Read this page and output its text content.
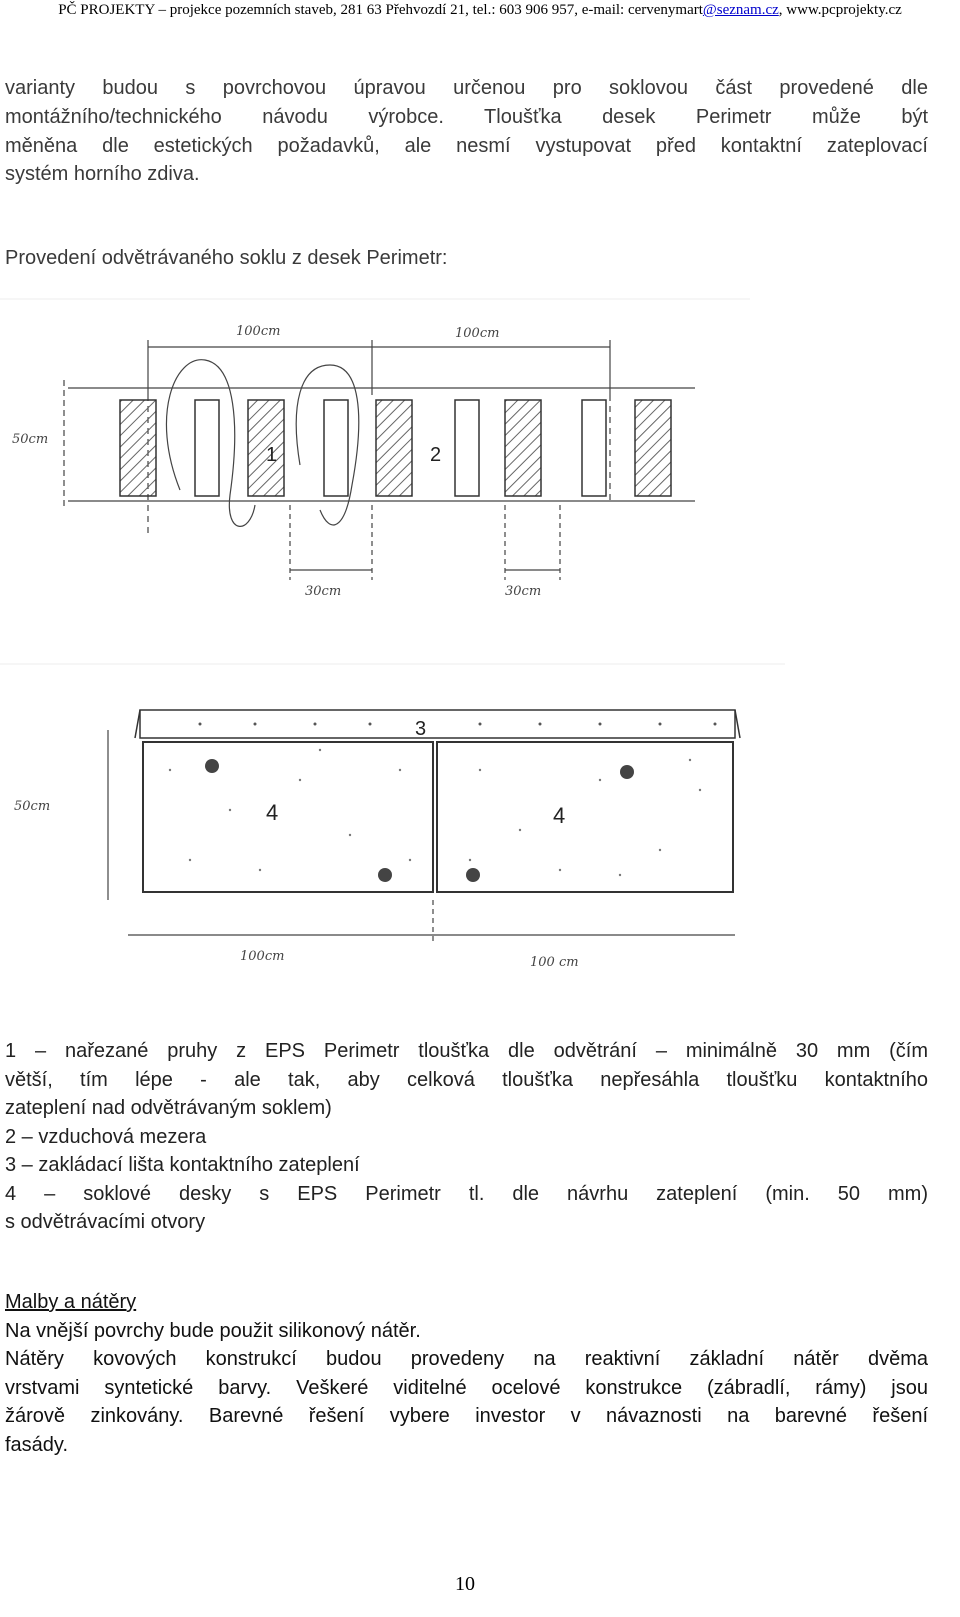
PČ PROJEKTY – projekce pozemních staveb, 281 63 Přehvozdí 21, tel.: 603 906 957, e-mail: cervenymart@seznam.cz, www.pcprojekty.cz
varianty budou s povrchovou úpravou určenou pro soklovou část provedené dle
montážního/technického návodu výrobce. Tloušťka desek Perimetr může být
měněna dle estetických požadavků, ale nesmí vystupovat před kontaktní zateplovací
systém horního zdiva.
Provedení odvětrávaného soklu z desek Perimetr:
100cm	100cm
50cm
30cm	30cm
1	2
3
4	4
50cm
100cm	100 cm
1 – nařezané pruhy z EPS Perimetr tloušťka dle odvětrání – minimálně 30 mm (čím
větší, tím lépe - ale tak, aby celková tloušťka nepřesáhla tloušťku kontaktního
zateplení nad odvětrávaným soklem)
2 – vzduchová mezera
3 – zakládací lišta kontaktního zateplení
4 – soklové desky s EPS Perimetr tl. dle návrhu zateplení (min. 50 mm)
s odvětrávacími otvory
Malby a nátěry
Na vnější povrchy bude použit silikonový nátěr.
Nátěry kovových konstrukcí budou provedeny na reaktivní základní nátěr dvěma
vrstvami syntetické barvy. Veškeré viditelné ocelové konstrukce (zábradlí, rámy) jsou
žárově zinkovány. Barevné řešení vybere investor v návaznosti na barevné řešení
fasády.
10
